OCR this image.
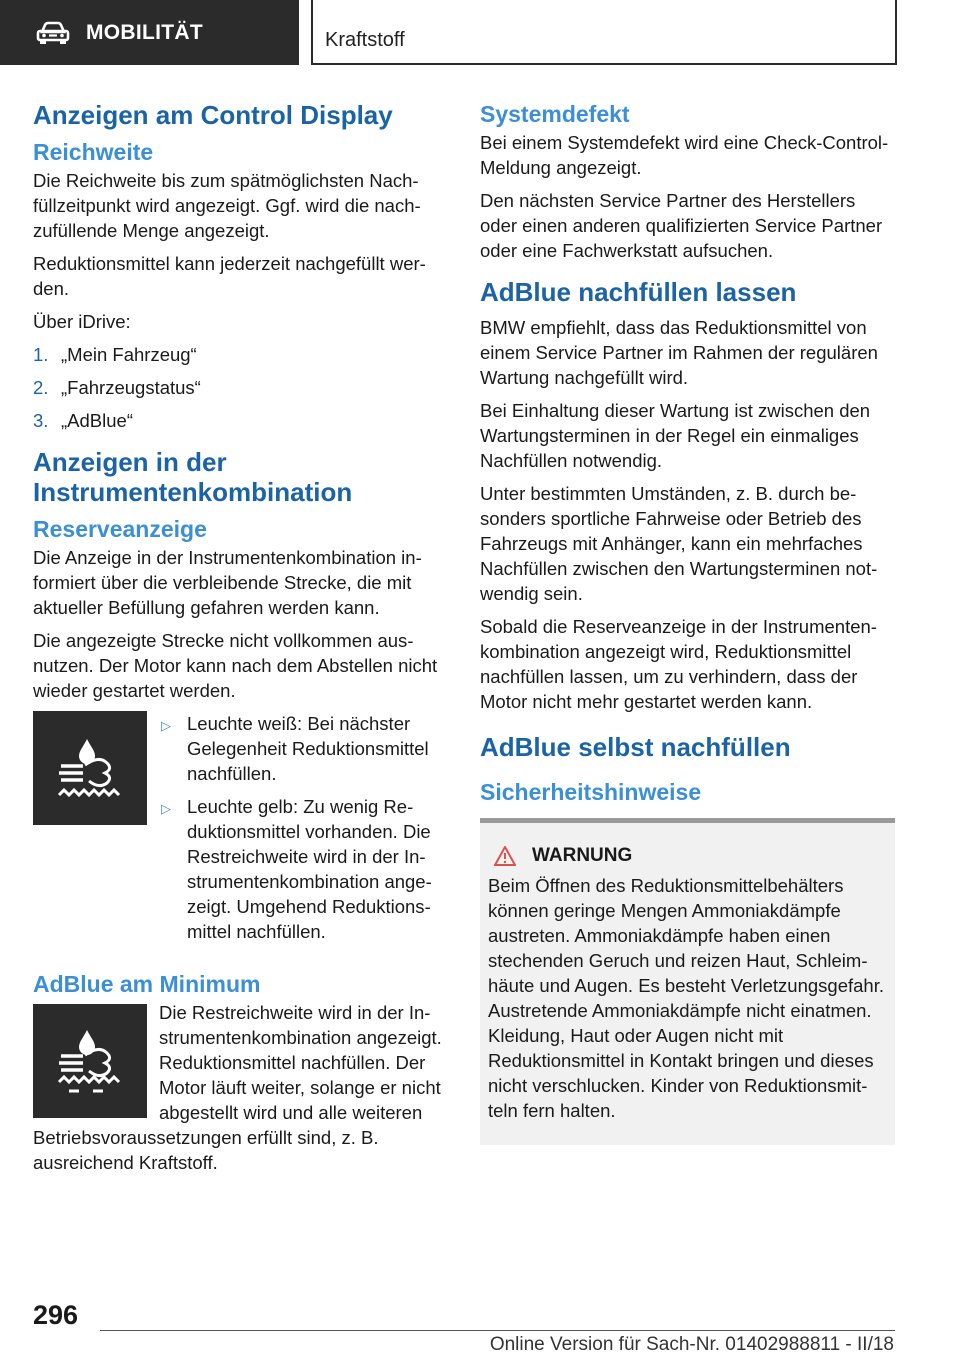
MOBILITÄT	Kraftstoff
Anzeigen am Control Display
Reichweite

Die Reichweite bis zum spätmöglichsten Nachfüllzeitpunkt wird angezeigt. Ggf. wird die nachzufüllende Menge angezeigt.

Reduktionsmittel kann jederzeit nachgefüllt werden.

Über iDrive:

1. „Mein Fahrzeug“
2. „Fahrzeugstatus“
3. „AdBlue“
Anzeigen in der Instrumentenkombination
Reserveanzeige

Die Anzeige in der Instrumentenkombination informiert über die verbleibende Strecke, die mit aktueller Befüllung gefahren werden kann.

Die angezeigte Strecke nicht vollkommen ausnutzen. Der Motor kann nach dem Abstellen nicht wieder gestartet werden.

▷ Leuchte weiß: Bei nächster Gelegenheit Reduktionsmittel nachfüllen.
▷ Leuchte gelb: Zu wenig Reduktionsmittel vorhanden. Die Restreichweite wird in der Instrumentenkombination angezeigt. Umgehend Reduktionsmittel nachfüllen.
AdBlue am Minimum

Die Restreichweite wird in der Instrumentenkombination angezeigt. Reduktionsmittel nachfüllen. Der Motor läuft weiter, solange er nicht abgestellt wird und alle weiteren Betriebsvoraussetzungen erfüllt sind, z. B. ausreichend Kraftstoff.

Systemdefekt

Bei einem Systemdefekt wird eine Check-Control-Meldung angezeigt.

Den nächsten Service Partner des Herstellers oder einen anderen qualifizierten Service Partner oder eine Fachwerkstatt aufsuchen.

AdBlue nachfüllen lassen

BMW empfiehlt, dass das Reduktionsmittel von einem Service Partner im Rahmen der regulären Wartung nachgefüllt wird.

Bei Einhaltung dieser Wartung ist zwischen den Wartungsterminen in der Regel ein einmaliges Nachfüllen notwendig.

Unter bestimmten Umständen, z. B. durch besonders sportliche Fahrweise oder Betrieb des Fahrzeugs mit Anhänger, kann ein mehrfaches Nachfüllen zwischen den Wartungsterminen notwendig sein.

Sobald die Reserveanzeige in der Instrumentenkombination angezeigt wird, Reduktionsmittel nachfüllen lassen, um zu verhindern, dass der Motor nicht mehr gestartet werden kann.

AdBlue selbst nachfüllen
Sicherheitshinweise
WARNUNG

Beim Öffnen des Reduktionsmittelbehälters können geringe Mengen Ammoniakdämpfe austreten. Ammoniakdämpfe haben einen stechenden Geruch und reizen Haut, Schleimhäute und Augen. Es besteht Verletzungsgefahr. Austretende Ammoniakdämpfe nicht einatmen. Kleidung, Haut oder Augen nicht mit Reduktionsmittel in Kontakt bringen und dieses nicht verschlucken. Kinder von Reduktionsmitteln fern halten.

296
Online Version für Sach-Nr. 01402988811 - II/18
